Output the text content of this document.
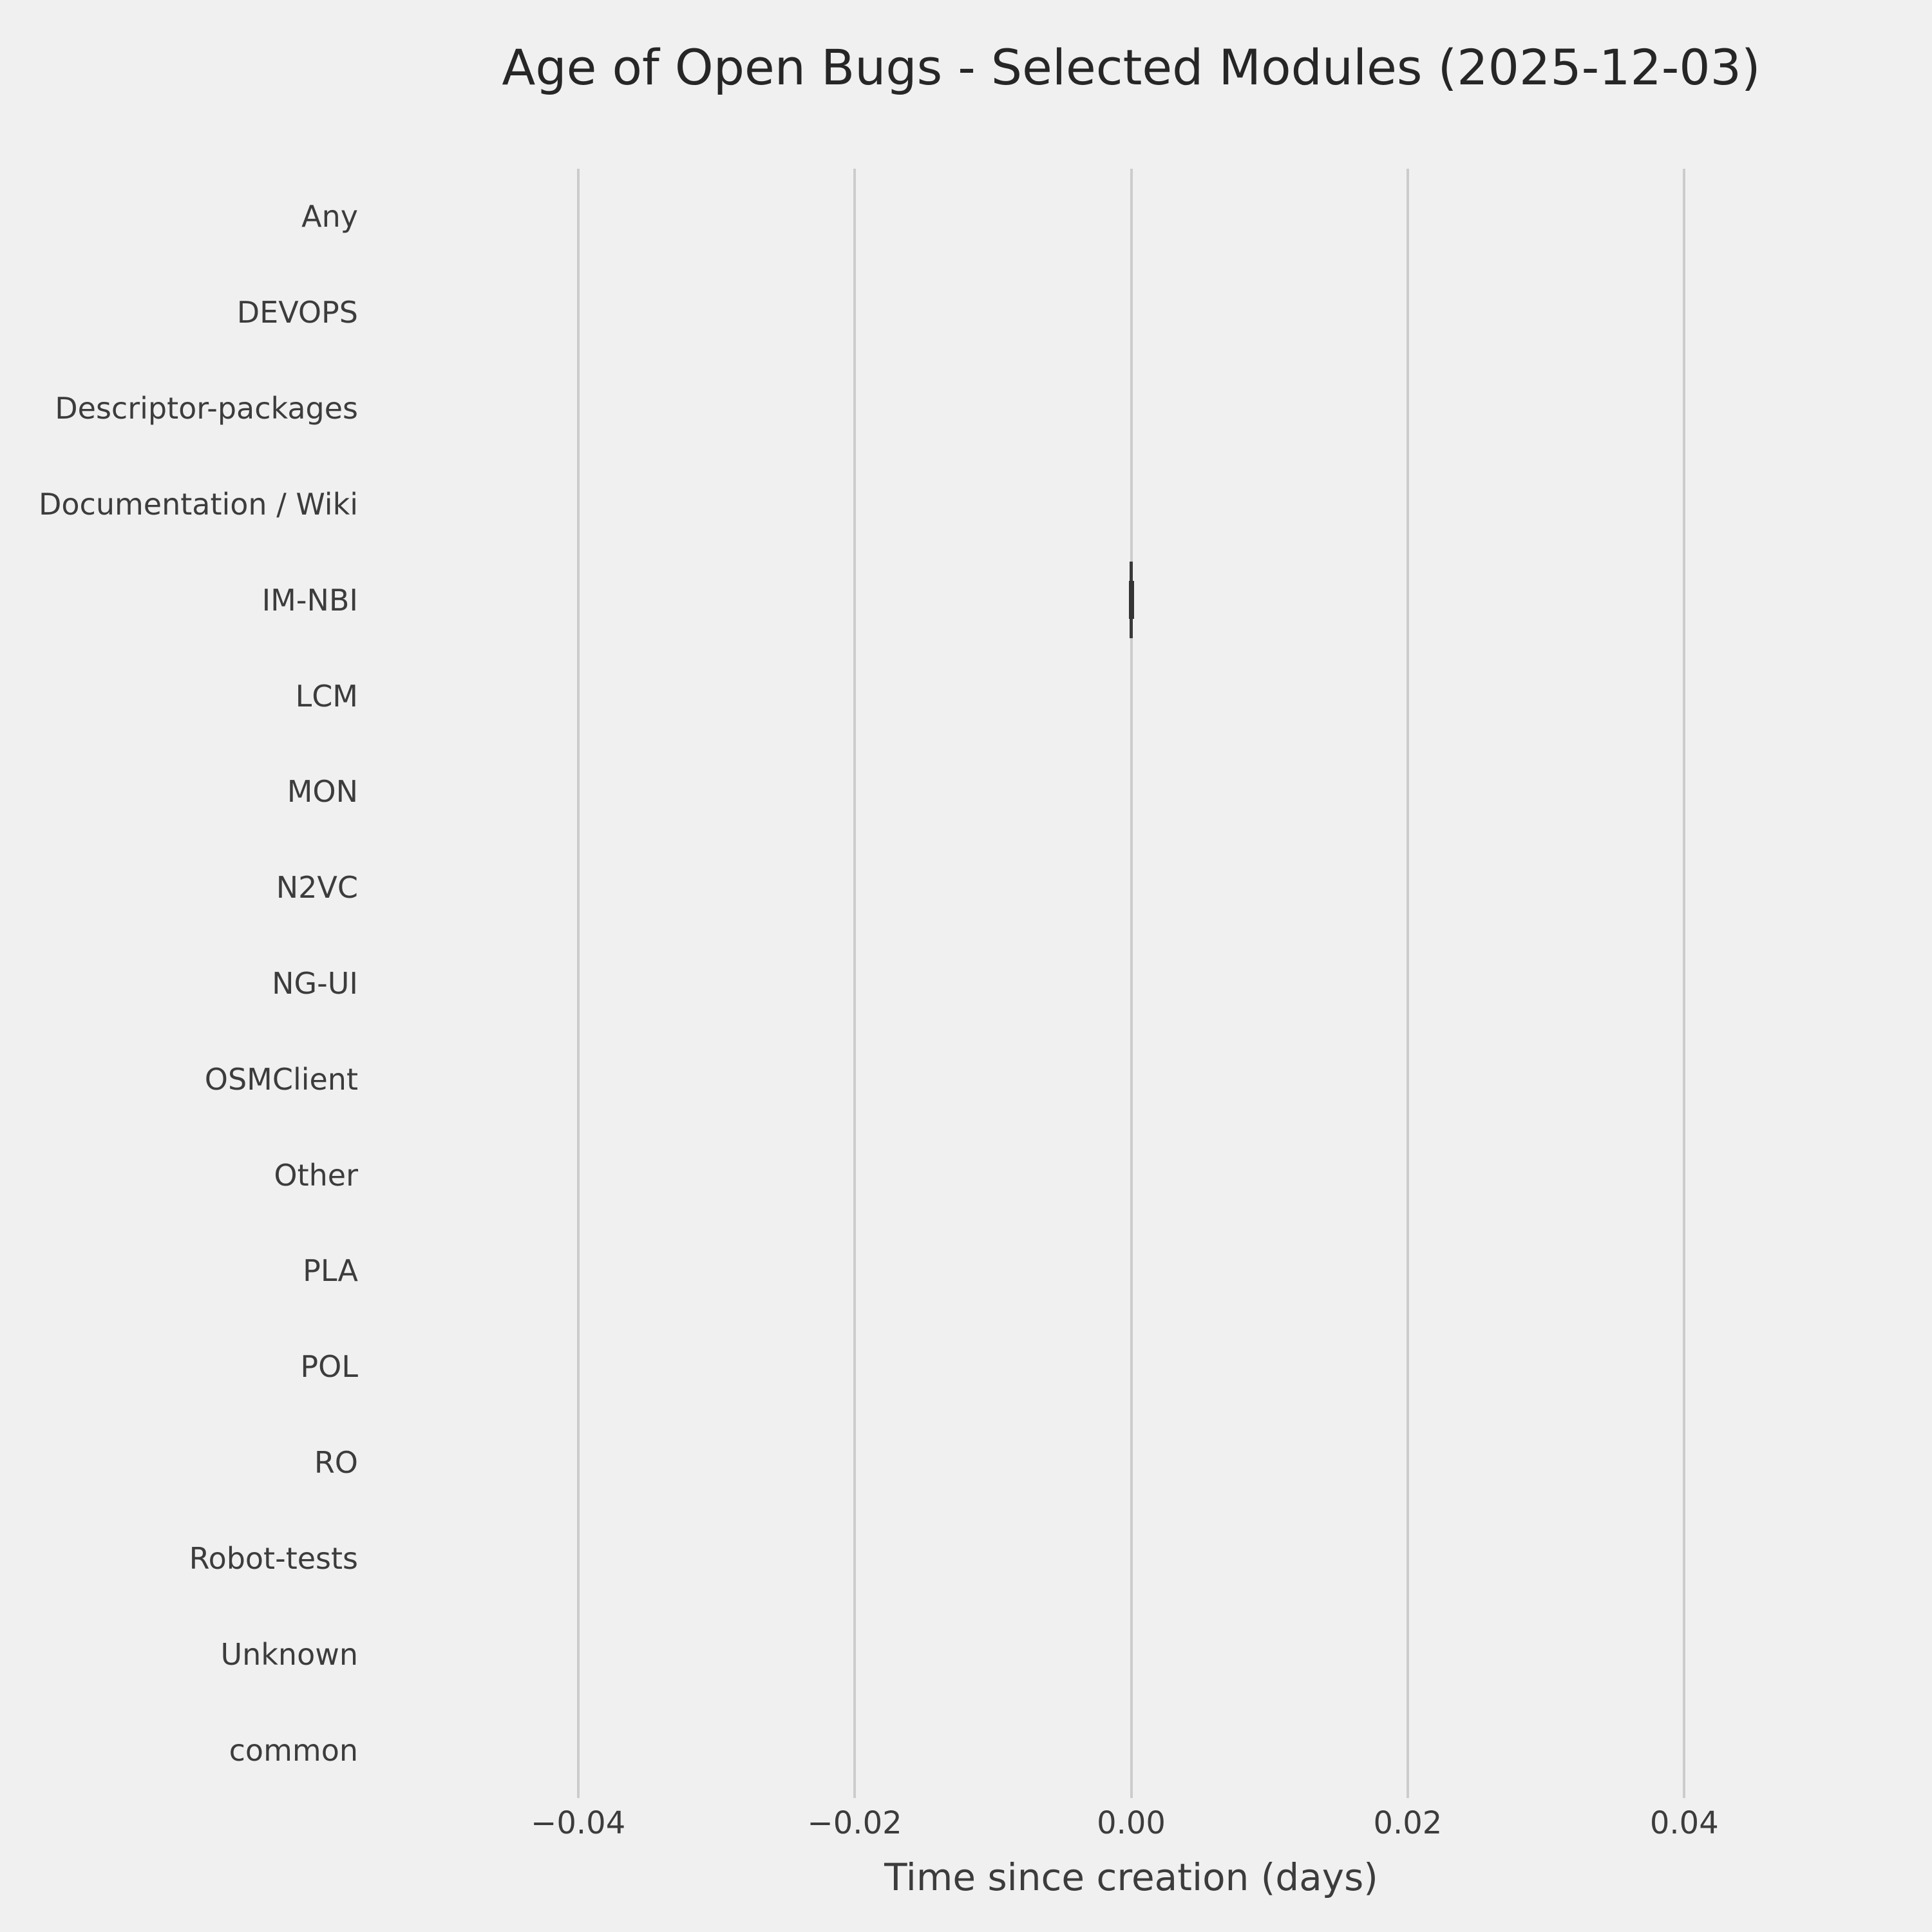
Age of Open Bugs - Selected Modules (2025-12-03)
Any
DEVOPS
Descriptor-packages
Documentation / Wiki
IM-NBI
LCM
MON
N2VC
NG-UI
OSMClient
Other
PLA
POL
RO
Robot-tests
Unknown
common
−0.04	−0.02	0.00	0.02	0.04
Time since creation (days)
